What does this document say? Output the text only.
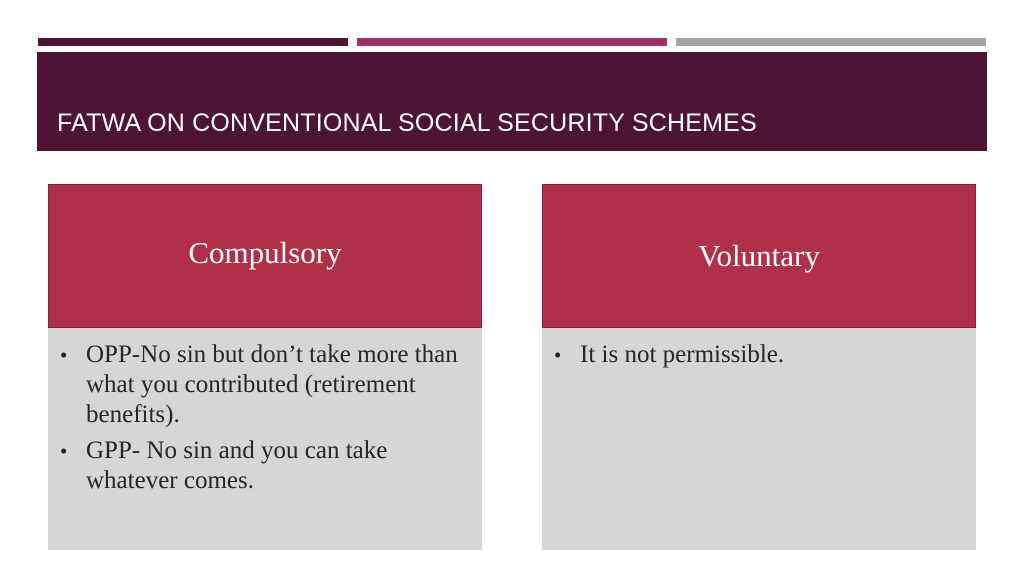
FATWA ON CONVENTIONAL SOCIAL SECURITY SCHEMES
Compulsory
• OPP-No sin but don’t take more than what you contributed (retirement benefits).
• GPP- No sin and you can take whatever comes.
Voluntary
• It is not permissible.
